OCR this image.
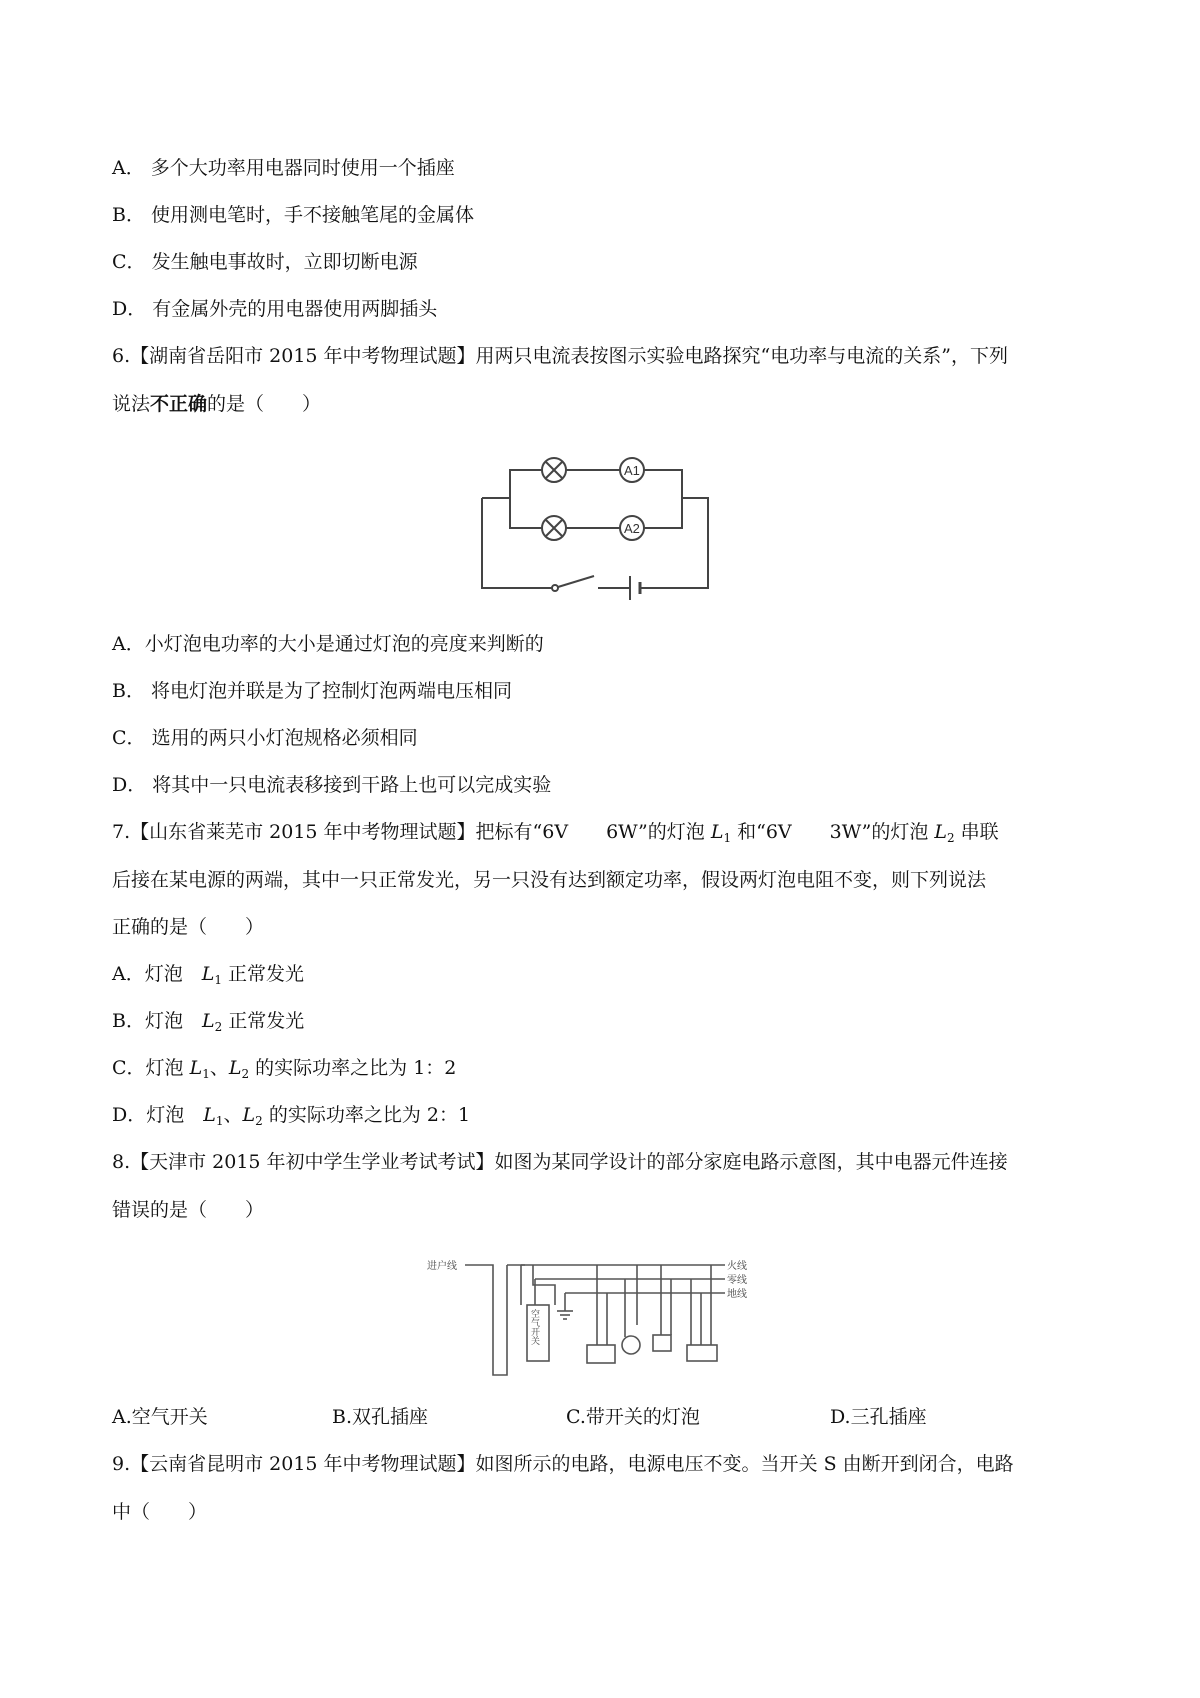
A． 多个大功率用电器同时使用一个插座
B． 使用测电笔时，手不接触笔尾的金属体
C． 发生触电事故时，立即切断电源
D． 有金属外壳的用电器使用两脚插头
6.【湖南省岳阳市 2015 年中考物理试题】用两只电流表按图示实验电路探究“电功率与电流的关系”，下列
说法不正确的是（　　）
A1
A2
A．小灯泡电功率的大小是通过灯泡的亮度来判断的
B． 将电灯泡并联是为了控制灯泡两端电压相同
C． 选用的两只小灯泡规格必须相同
D． 将其中一只电流表移接到干路上也可以完成实验
7.【山东省莱芜市 2015 年中考物理试题】把标有“6V　　6W”的灯泡 $L_1$ 和“6V　　3W”的灯泡 $L_2$ 串联
后接在某电源的两端，其中一只正常发光，另一只没有达到额定功率，假设两灯泡电阻不变，则下列说法
正确的是（　　）
A．灯泡　$L_1$ 正常发光
B．灯泡　$L_2$ 正常发光
C．灯泡 $L_1$、$L_2$ 的实际功率之比为 1：2
D．灯泡　$L_1$、$L_2$ 的实际功率之比为 2：1
8.【天津市 2015 年初中学生学业考试考试】如图为某同学设计的部分家庭电路示意图，其中电器元件连接
错误的是（　　）
进户线	火线
零线
地线
空气开关
A.空气开关	B.双孔插座	C.带开关的灯泡	D.三孔插座
9.【云南省昆明市 2015 年中考物理试题】如图所示的电路，电源电压不变。当开关 S 由断开到闭合，电路
中（　　）
